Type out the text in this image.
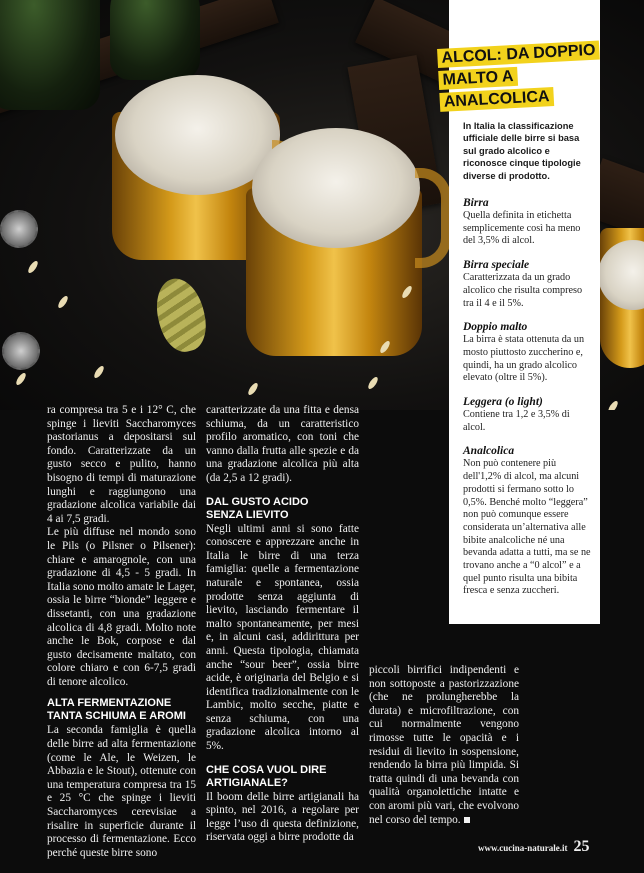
ra compresa tra 5 e i 12° C, che spinge i lieviti Saccharomyces pastorianus a depositarsi sul fondo. Caratterizzate da un gusto secco e pulito, hanno bisogno di tempi di maturazione lunghi e raggiungono una gradazione alcolica variabile dai 4 ai 7,5 gradi.

Le più diffuse nel mondo sono le Pils (o Pilsner o Pilsener): chiare e amarognole, con una gradazione di 4,5 - 5 gradi. In Italia sono molto amate le Lager, ossia le birre “bionde” leggere e dissetanti, con una gradazione alcolica di 4,8 gradi. Molto note anche le Bok, corpose e dal gusto decisamente maltato, con colore chiaro e con 6-7,5 gradi di tenore alcolico.

ALTA FERMENTAZIONE
TANTA SCHIUMA E AROMI

La seconda famiglia è quella delle birre ad alta fermentazione (come le Ale, le Weizen, le Abbazia e le Stout), ottenute con una temperatura compresa tra 15 e 25 °C che spinge i lieviti Saccharomyces cerevisiae a risalire in superficie durante il processo di fermentazione. Ecco perché queste birre sono

caratterizzate da una fitta e densa schiuma, da un caratteristico profilo aromatico, con toni che vanno dalla frutta alle spezie e da una gradazione alcolica più alta (da 2,5 a 12 gradi).

DAL GUSTO ACIDO
SENZA LIEVITO

Negli ultimi anni si sono fatte conoscere e apprezzare anche in Italia le birre di una terza famiglia: quelle a fermentazione naturale e spontanea, ossia prodotte senza aggiunta di lievito, lasciando fermentare il malto spontaneamente, per mesi e, in alcuni casi, addirittura per anni. Questa tipologia, chiamata anche “sour beer”, ossia birre acide, è originaria del Belgio e si identifica tradizionalmente con le Lambic, molto secche, piatte e senza schiuma, con una gradazione alcolica intorno al 5%.

CHE COSA VUOL DIRE
ARTIGIANALE?

Il boom delle birre artigianali ha spinto, nel 2016, a regolare per legge l’uso di questa definizione, riservata oggi a birre prodotte da

piccoli birrifici indipendenti e non sottoposte a pastorizzazione (che ne prolungherebbe la durata) e microfiltrazione, con cui normalmente vengono rimosse tutte le opacità e i residui di lievito in sospensione, rendendo la birra più limpida. Si tratta quindi di una bevanda con qualità organolettiche intatte e con aromi più vari, che evolvono nel corso del tempo.

ALCOL: DA DOPPIO MALTO A ANALCOLICA
In Italia la classificazione ufficiale delle birre si basa sul grado alcolico e riconosce cinque tipologie diverse di prodotto.
Birra

Quella definita in etichetta semplicemente così ha meno del 3,5% di alcol.

Birra speciale

Caratterizzata da un grado alcolico che risulta compreso tra il 4 e il 5%.

Doppio malto

La birra è stata ottenuta da un mosto piuttosto zuccherino e, quindi, ha un grado alcolico elevato (oltre il 5%).

Leggera (o light)

Contiene tra 1,2 e 3,5% di alcol.

Analcolica

Non può contenere più dell'1,2% di alcol, ma alcuni prodotti si fermano sotto lo 0,5%. Benché molto “leggera” non può comunque essere considerata un’alternativa alle bibite analcoliche né una bevanda adatta a tutti, ma se ne trovano anche a “0 alcol” e a quel punto risulta una bibita fresca e senza zuccheri.

www.cucina-naturale.it 25
